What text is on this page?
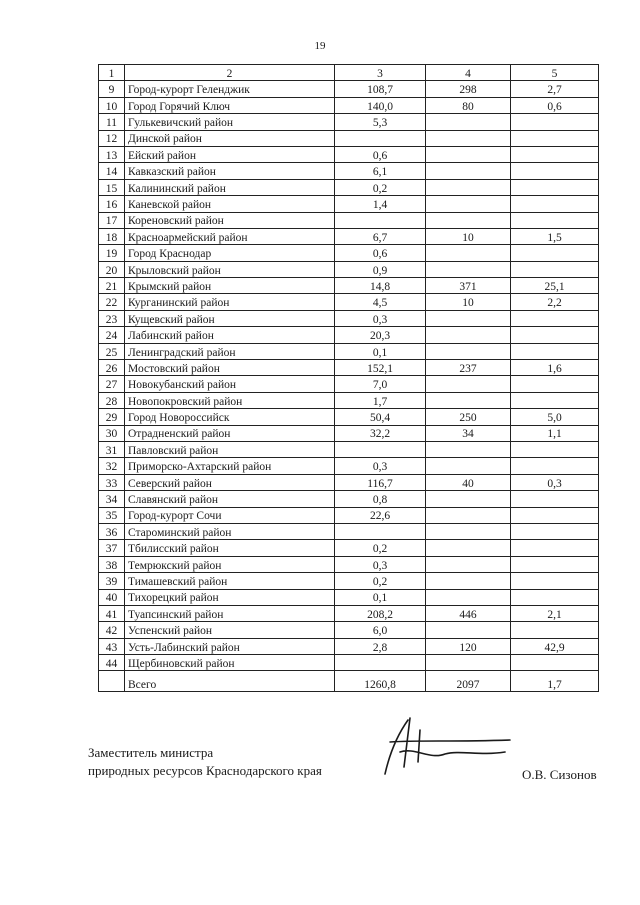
19
1	2	3	4	5
9	Город-курорт Геленджик	108,7	298	2,7
10	Город Горячий Ключ	140,0	80	0,6
11	Гулькевичский район	5,3		
12	Динской район			
13	Ейский район	0,6		
14	Кавказский район	6,1		
15	Калининский район	0,2		
16	Каневской район	1,4		
17	Кореновский район			
18	Красноармейский район	6,7	10	1,5
19	Город Краснодар	0,6		
20	Крыловский район	0,9		
21	Крымский район	14,8	371	25,1
22	Курганинский район	4,5	10	2,2
23	Кущевский район	0,3		
24	Лабинский район	20,3		
25	Ленинградский район	0,1		
26	Мостовский район	152,1	237	1,6
27	Новокубанский район	7,0		
28	Новопокровский район	1,7		
29	Город Новороссийск	50,4	250	5,0
30	Отрадненский район	32,2	34	1,1
31	Павловский район			
32	Приморско-Ахтарский район	0,3		
33	Северский район	116,7	40	0,3
34	Славянский район	0,8		
35	Город-курорт Сочи	22,6		
36	Староминский район			
37	Тбилисский район	0,2		
38	Темрюкский район	0,3		
39	Тимашевский район	0,2		
40	Тихорецкий район	0,1		
41	Туапсинский район	208,2	446	2,1
42	Успенский район	6,0		
43	Усть-Лабинский район	2,8	120	42,9
44	Щербиновский район			
	Всего	1260,8	2097	1,7
Заместитель министра
природных ресурсов Краснодарского края	О.В. Сизонов
